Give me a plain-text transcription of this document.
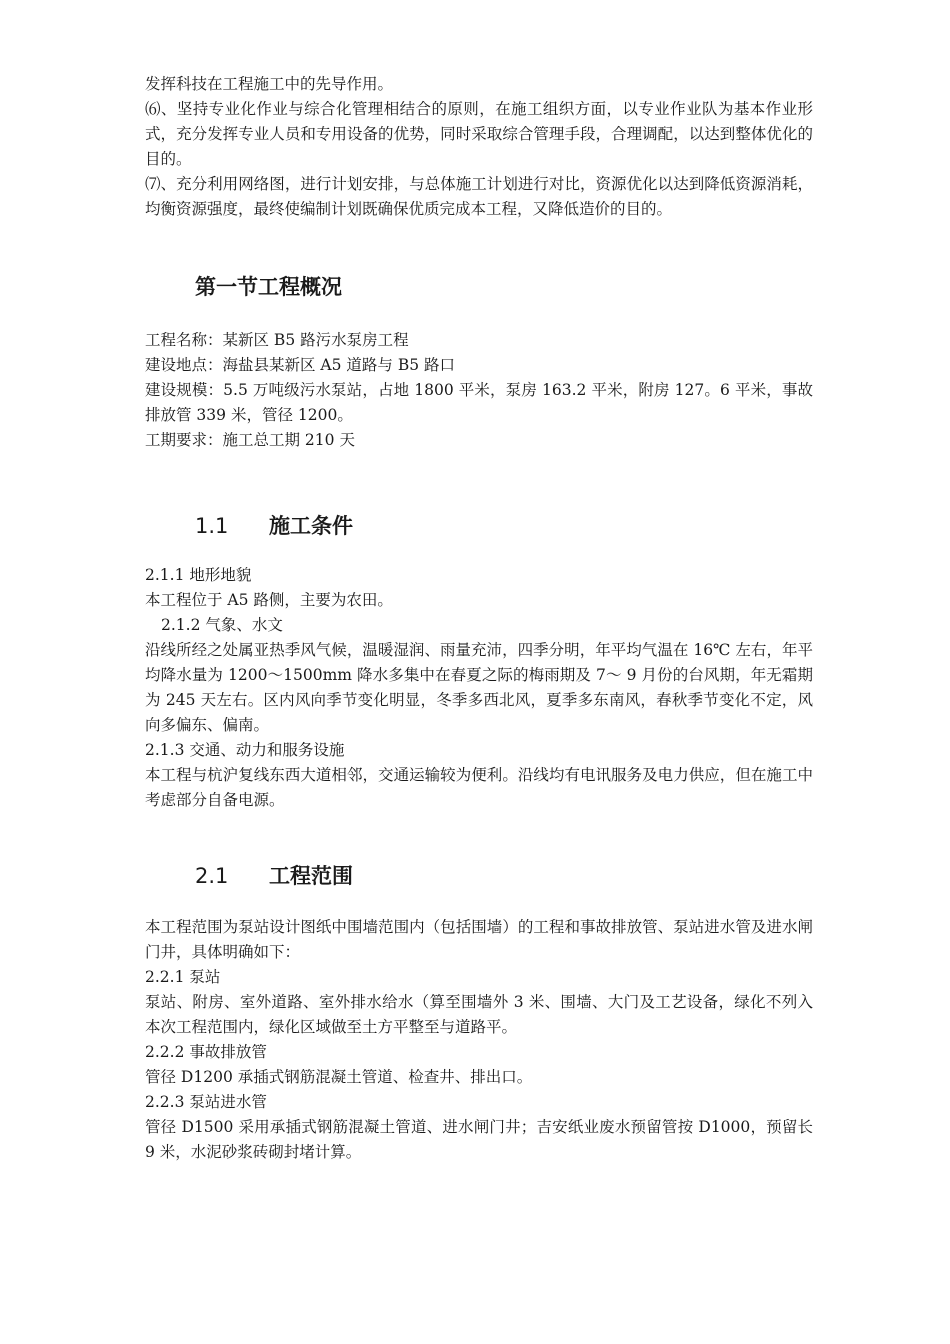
发挥科技在工程施工中的先导作用。

⑹、坚持专业化作业与综合化管理相结合的原则，在施工组织方面，以专业作业队为基本作业形式，充分发挥专业人员和专用设备的优势，同时采取综合管理手段，合理调配，以达到整体优化的目的。

⑺、充分利用网络图，进行计划安排，与总体施工计划进行对比，资源优化以达到降低资源消耗，均衡资源强度，最终使编制计划既确保优质完成本工程，又降低造价的目的。

第一节工程概况

工程名称：某新区 B5 路污水泵房工程

建设地点：海盐县某新区 A5 道路与 B5 路口

建设规模：5.5 万吨级污水泵站，占地 1800 平米，泵房 163.2 平米，附房 127。6 平米，事故排放管 339 米，管径 1200。

工期要求：施工总工期 210 天

1.1	施工条件

2.1.1 地形地貌

本工程位于 A5 路侧，主要为农田。

2.1.2 气象、水文

沿线所经之处属亚热季风气候，温暖湿润、雨量充沛，四季分明，年平均气温在 16℃ 左右，年平均降水量为 1200～1500mm 降水多集中在春夏之际的梅雨期及 7～ 9 月份的台风期，年无霜期为 245 天左右。区内风向季节变化明显，冬季多西北风，夏季多东南风，春秋季节变化不定，风向多偏东、偏南。

2.1.3 交通、动力和服务设施

本工程与杭沪复线东西大道相邻，交通运输较为便利。沿线均有电讯服务及电力供应，但在施工中考虑部分自备电源。

2.1	工程范围

本工程范围为泵站设计图纸中围墙范围内（包括围墙）的工程和事故排放管、泵站进水管及进水闸门井，具体明确如下：

2.2.1 泵站

泵站、附房、室外道路、室外排水给水（算至围墙外 3 米、围墙、大门及工艺设备，绿化不列入本次工程范围内，绿化区域做至土方平整至与道路平。

2.2.2 事故排放管

管径 D1200 承插式钢筋混凝土管道、检查井、排出口。

2.2.3 泵站进水管

管径 D1500 采用承插式钢筋混凝土管道、进水闸门井；吉安纸业废水预留管按 D1000，预留长 9 米，水泥砂浆砖砌封堵计算。
